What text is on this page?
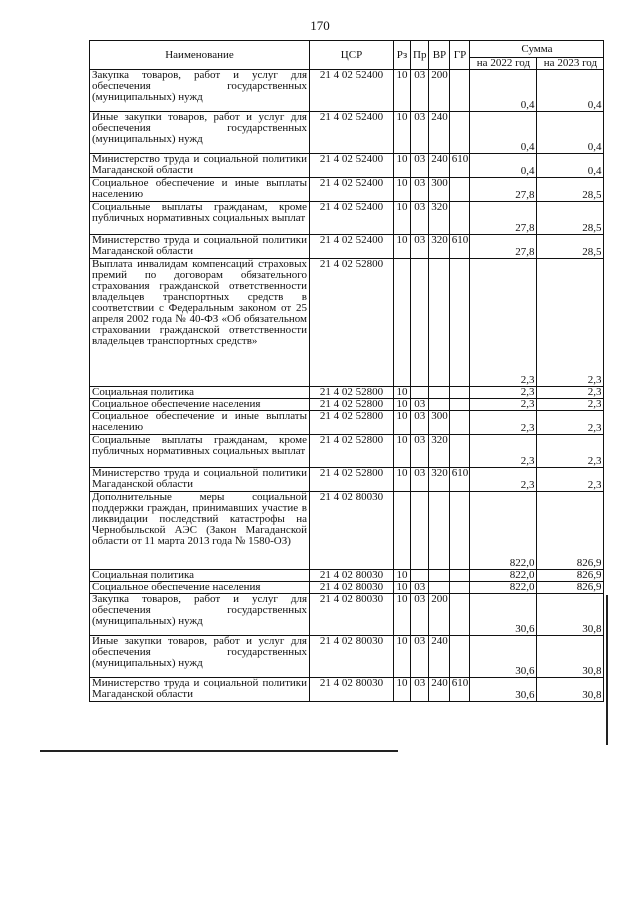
170
Наименование	ЦСР	Рз	Пр	ВР	ГР	Сумма	
						на 2022 год	на 2023 год
Закупка товаров, работ и услуг для обеспечения государственных (муниципальных) нужд	21 4 02 52400	10	03	200		0,4	0,4
Иные закупки товаров, работ и услуг для обеспечения государственных (муниципальных) нужд	21 4 02 52400	10	03	240		0,4	0,4
Министерство труда и социальной политики Магаданской области	21 4 02 52400	10	03	240	610	0,4	0,4
Социальное обеспечение и иные выплаты населению	21 4 02 52400	10	03	300		27,8	28,5
Социальные выплаты гражданам, кроме публичных нормативных социальных выплат	21 4 02 52400	10	03	320		27,8	28,5
Министерство труда и социальной политики Магаданской области	21 4 02 52400	10	03	320	610	27,8	28,5
Выплата инвалидам компенсаций страховых премий по договорам обязательного страхования гражданской ответственности владельцев транспортных средств в соответствии с Федеральным законом от 25 апреля 2002 года № 40-ФЗ «Об обязательном страховании гражданской ответственности владельцев транспортных средств»	21 4 02 52800					2,3	2,3
Социальная политика	21 4 02 52800	10				2,3	2,3
Социальное обеспечение населения	21 4 02 52800	10	03			2,3	2,3
Социальное обеспечение и иные выплаты населению	21 4 02 52800	10	03	300		2,3	2,3
Социальные выплаты гражданам, кроме публичных нормативных социальных выплат	21 4 02 52800	10	03	320		2,3	2,3
Министерство труда и социальной политики Магаданской области	21 4 02 52800	10	03	320	610	2,3	2,3
Дополнительные меры социальной поддержки граждан, принимавших участие в ликвидации последствий катастрофы на Чернобыльской АЭС (Закон Магаданской области от 11 марта 2013 года № 1580-ОЗ)	21 4 02 80030					822,0	826,9
Социальная политика	21 4 02 80030	10				822,0	826,9
Социальное обеспечение населения	21 4 02 80030	10	03			822,0	826,9
Закупка товаров, работ и услуг для обеспечения государственных (муниципальных) нужд	21 4 02 80030	10	03	200		30,6	30,8
Иные закупки товаров, работ и услуг для обеспечения государственных (муниципальных) нужд	21 4 02 80030	10	03	240		30,6	30,8
Министерство труда и социальной политики Магаданской области	21 4 02 80030	10	03	240	610	30,6	30,8
